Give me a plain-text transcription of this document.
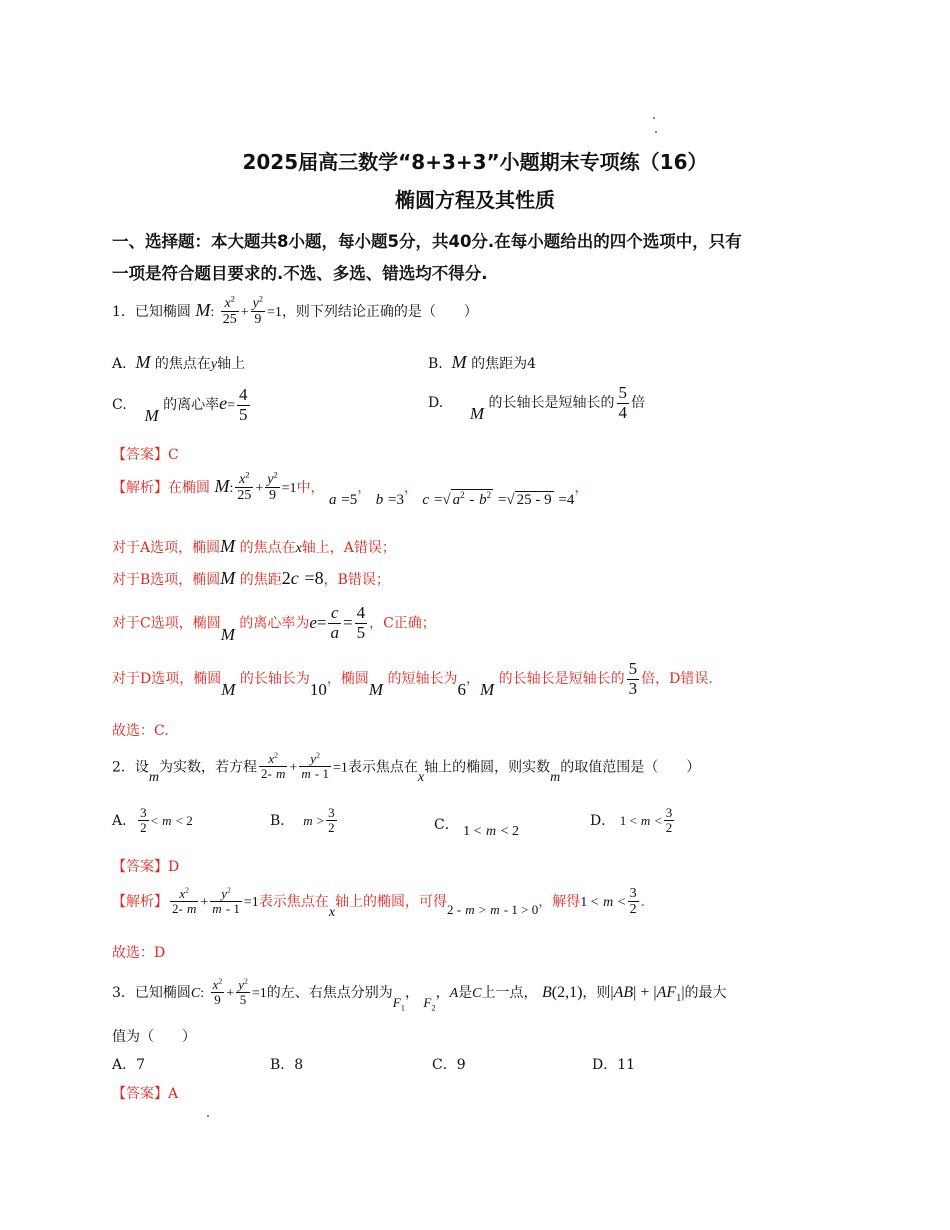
2025届高三数学“8+3+3”小题期末专项练（16）
椭圆方程及其性质
一、选择题：本大题共8小题，每小题5分，共40分.在每小题给出的四个选项中，只有
一项是符合题目要求的.不选、多选、错选均不得分.
1．已知椭圆 M: $\frac{x^2}{25} + \frac{y^2}{9} =1$，则下列结论正确的是（　　）
A. M 的焦点在y轴上	B. M 的焦距为4
C.    M 的离心率$e= \frac{4}{5}$	D.      M 的长轴长是短轴长的 $\frac{5}{4}$ 倍
【答案】C
【解析】在椭圆 M: $\frac{x^2}{25} + \frac{y^2}{9} =1$中， a =5， b =3， c =√ $a^2 - b^2$ =√ 25 - 9 =4，
对于A选项，椭圆M 的焦点在x轴上，A错误；
对于B选项，椭圆M 的焦距2c =8，B错误；
对于C选项，椭圆M 的离心率为$e= \frac{c}{a} = \frac{4}{5}$ ，C正确；
对于D选项，椭圆M 的长轴长为10，椭圆M 的短轴长为6，M 的长轴长是短轴长的 $\frac{5}{3}$ 倍，D错误.
故选：C.
2．设m为实数，若方程 $\frac{x^2}{2- m} + \frac{y^2}{m - 1} =1$表示焦点在x轴上的椭圆，则实数m的取值范围是（　　）
A． $\frac{3}{2} < m < 2$	B． $m > \frac{3}{2}$	C． 1 < m < 2
D． $1 < m < \frac{3}{2}$
【答案】D
【解析】 $\frac{x^2}{2- m} + \frac{y^2}{m - 1} =1$表示焦点在x轴上的椭圆，可得2 - m > m - 1 > 0，解得$1 < m < \frac{3}{2}$ .
故选：D
3．已知椭圆C: $\frac{x^2}{9} + \frac{y^2}{5} =1$的左、右焦点分别为$F_1$， $F_2$，A是C上一点， B(2,1)，则$|AB| + |AF_1|$的最大
值为（　　）
A．7	B．8	C．9	D．11
【答案】A
